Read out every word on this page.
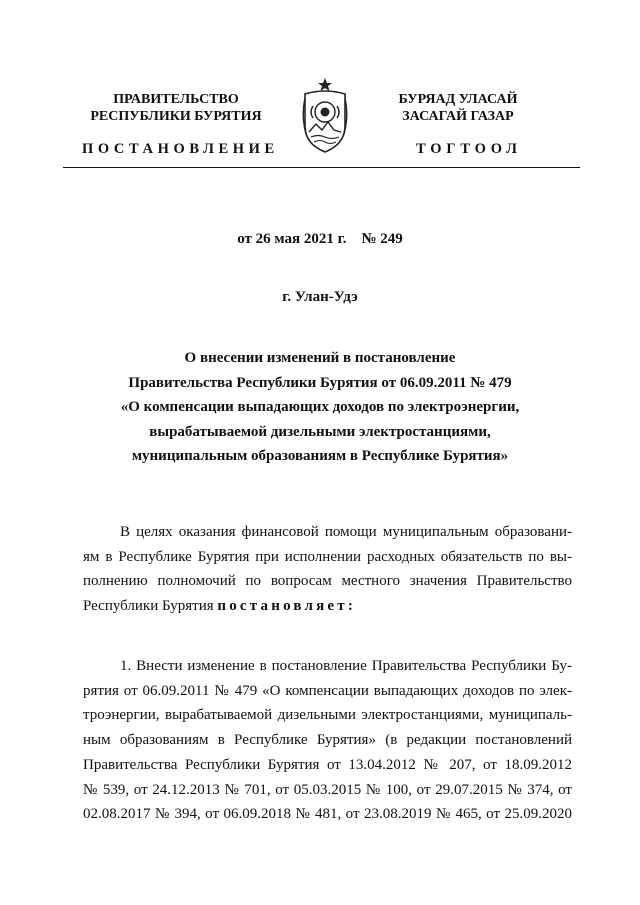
ПРАВИТЕЛЬСТВО
РЕСПУБЛИКИ БУРЯТИЯ
ПОСТАНОВЛЕНИЕ
БУРЯАД УЛАСАЙ
ЗАСАГАЙ ГАЗАР
ТОГТООЛ
от 26 мая 2021 г. № 249
г. Улан-Удэ
О внесении изменений в постановление
Правительства Республики Бурятия от 06.09.2011 № 479
«О компенсации выпадающих доходов по электроэнергии,
вырабатываемой дизельными электростанциями,
муниципальным образованиям в Республике Бурятия»
В целях оказания финансовой помощи муниципальным образовани-
ям в Республике Бурятия при исполнении расходных обязательств по вы-
полнению полномочий по вопросам местного значения Правительство
Республики Бурятия постановляет:
1. Внести изменение в постановление Правительства Республики Бу-
рятия от 06.09.2011 № 479 «О компенсации выпадающих доходов по элек-
троэнергии, вырабатываемой дизельными электростанциями, муниципаль-
ным образованиям в Республике Бурятия» (в редакции постановлений
Правительства Республики Бурятия от 13.04.2012 № 207, от 18.09.2012
№ 539, от 24.12.2013 № 701, от 05.03.2015 № 100, от 29.07.2015 № 374, от
02.08.2017 № 394, от 06.09.2018 № 481, от 23.08.2019 № 465, от 25.09.2020
